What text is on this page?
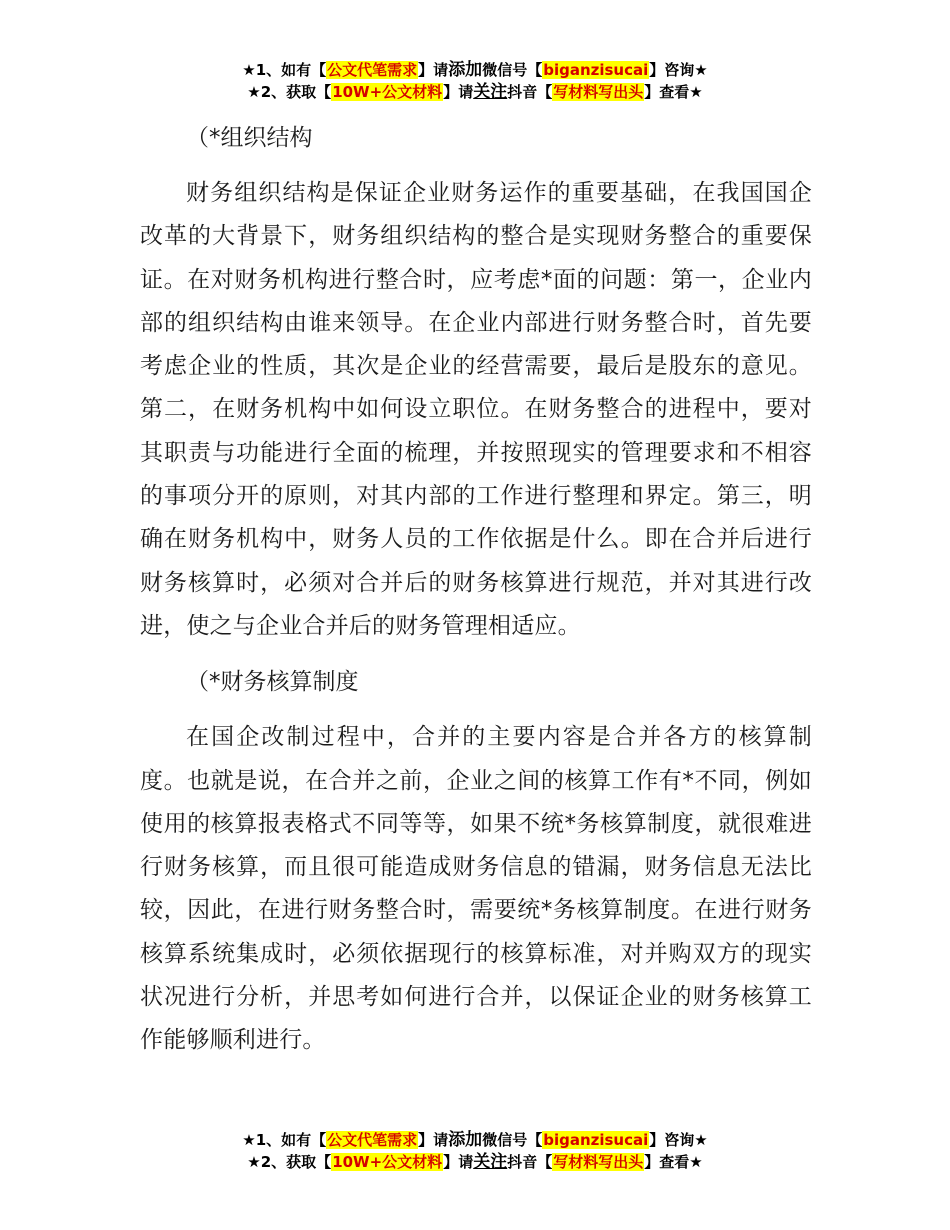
★1、如有【公文代笔需求】请添加微信号【biganzisucai】咨询★
★2、获取【10W+公文材料】请关注抖音【写材料写出头】查看★
（*组织结构

财务组织结构是保证企业财务运作的重要基础，在我国国企改革的大背景下，财务组织结构的整合是实现财务整合的重要保证。在对财务机构进行整合时，应考虑*面的问题：第一，企业内部的组织结构由谁来领导。在企业内部进行财务整合时，首先要考虑企业的性质，其次是企业的经营需要，最后是股东的意见。第二，在财务机构中如何设立职位。在财务整合的进程中，要对其职责与功能进行全面的梳理，并按照现实的管理要求和不相容的事项分开的原则，对其内部的工作进行整理和界定。第三，明确在财务机构中，财务人员的工作依据是什么。即在合并后进行财务核算时，必须对合并后的财务核算进行规范，并对其进行改进，使之与企业合并后的财务管理相适应。

（*财务核算制度

在国企改制过程中，合并的主要内容是合并各方的核算制度。也就是说，在合并之前，企业之间的核算工作有*不同，例如使用的核算报表格式不同等等，如果不统*务核算制度，就很难进行财务核算，而且很可能造成财务信息的错漏，财务信息无法比较，因此，在进行财务整合时，需要统*务核算制度。在进行财务核算系统集成时，必须依据现行的核算标准，对并购双方的现实状况进行分析，并思考如何进行合并，以保证企业的财务核算工作能够顺利进行。

★1、如有【公文代笔需求】请添加微信号【biganzisucai】咨询★
★2、获取【10W+公文材料】请关注抖音【写材料写出头】查看★
